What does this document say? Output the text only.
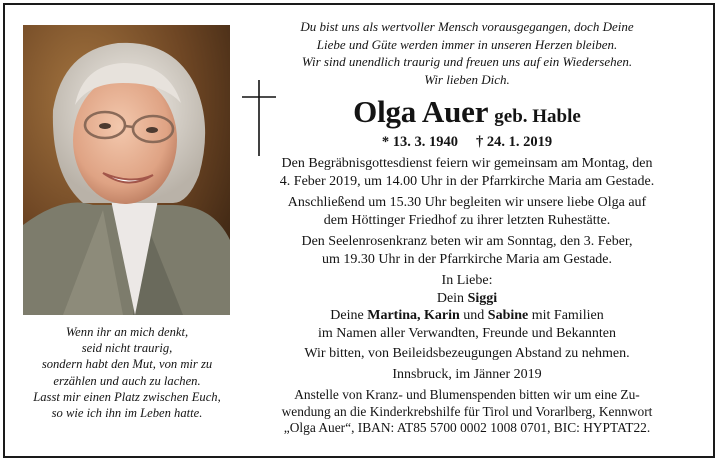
Wenn ihr an mich denkt,
seid nicht traurig,
sondern habt den Mut, von mir zu
erzählen und auch zu lachen.
Lasst mir einen Platz zwischen Euch,
so wie ich ihn im Leben hatte.
Du bist uns als wertvoller Mensch vorausgegangen, doch Deine
Liebe und Güte werden immer in unseren Herzen bleiben.
Wir sind unendlich traurig und freuen uns auf ein Wiedersehen.
Wir lieben Dich.
Olga Auer geb. Hable
* 13. 3. 1940 † 24. 1. 2019
Den Begräbnisgottesdienst feiern wir gemeinsam am Montag, den
4. Feber 2019, um 14.00 Uhr in der Pfarrkirche Maria am Gestade.
Anschließend um 15.30 Uhr begleiten wir unsere liebe Olga auf
dem Höttinger Friedhof zu ihrer letzten Ruhestätte.
Den Seelenrosenkranz beten wir am Sonntag, den 3. Feber,
um 19.30 Uhr in der Pfarrkirche Maria am Gestade.
In Liebe:
Dein Siggi
Deine Martina, Karin und Sabine mit Familien
im Namen aller Verwandten, Freunde und Bekannten
Wir bitten, von Beileidsbezeugungen Abstand zu nehmen.
Innsbruck, im Jänner 2019
Anstelle von Kranz- und Blumenspenden bitten wir um eine Zu-
wendung an die Kinderkrebshilfe für Tirol und Vorarlberg, Kennwort
„Olga Auer“, IBAN: AT85 5700 0002 1008 0701, BIC: HYPTAT22.
